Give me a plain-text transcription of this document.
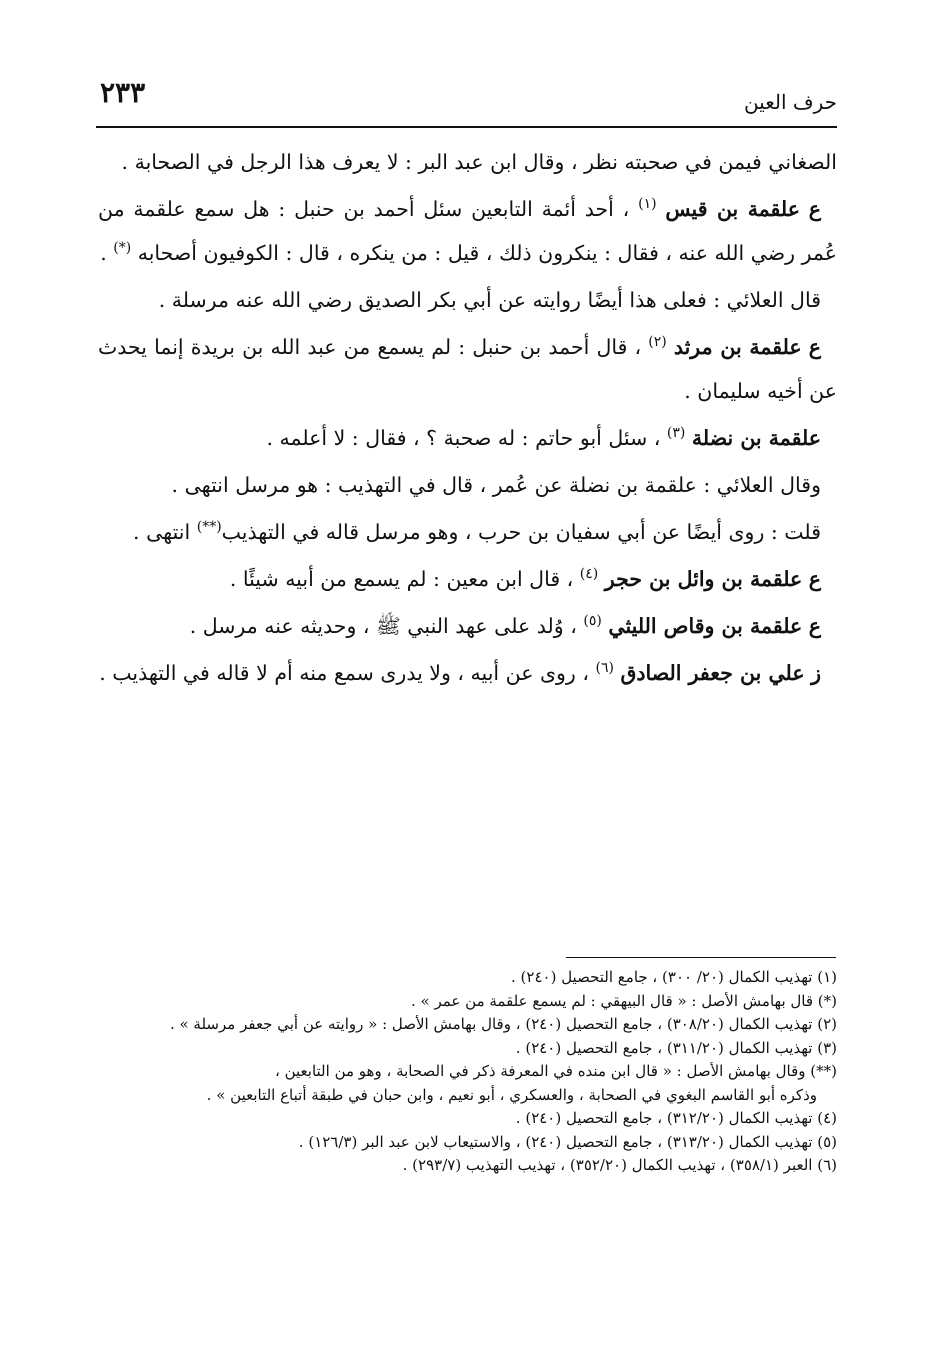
٢٣٣	حرف العين

الصغاني فيمن في صحبته نظر ، وقال ابن عبد البر : لا يعرف هذا الرجل في الصحابة .

ع علقمة بن قيس $^{(١)}$ ، أحد أئمة التابعين سئل أحمد بن حنبل : هل سمع علقمة من عُمر رضي الله عنه ، فقال : ينكرون ذلك ، قيل : من ينكره ، قال : الكوفيون أصحابه (*) .

قال العلائي : فعلى هذا أيضًا روايته عن أبي بكر الصديق رضي الله عنه مرسلة .

ع علقمة بن مرثد $^{(٢)}$ ، قال أحمد بن حنبل : لم يسمع من عبد الله بن بريدة إنما يحدث عن أخيه سليمان .

علقمة بن نضلة $^{(٣)}$ ، سئل أبو حاتم : له صحبة ؟ ، فقال : لا أعلمه .

وقال العلائي : علقمة بن نضلة عن عُمر ، قال في التهذيب : هو مرسل انتهى .

قلت : روى أيضًا عن أبي سفيان بن حرب ، وهو مرسل قاله في التهذيب(**) انتهى .

ع علقمة بن وائل بن حجر $^{(٤)}$ ، قال ابن معين : لم يسمع من أبيه شيئًا .

ع علقمة بن وقاص الليثي $^{(٥)}$ ، وُلد على عهد النبي ﷺ ، وحديثه عنه مرسل .

ز علي بن جعفر الصادق $^{(٦)}$ ، روى عن أبيه ، ولا يدرى سمع منه أم لا قاله في التهذيب .

(١) تهذيب الكمال (٢٠/ ٣٠٠) ، جامع التحصيل (٢٤٠) .

(*) قال بهامش الأصل : « قال البيهقي : لم يسمع علقمة من عمر » .

(٢) تهذيب الكمال (٣٠٨/٢٠) ، جامع التحصيل (٢٤٠) ، وقال بهامش الأصل : « روايته عن أبي جعفر مرسلة » .

(٣) تهذيب الكمال (٣١١/٢٠) ، جامع التحصيل (٢٤٠) .

(**) وقال بهامش الأصل : « قال ابن منده في المعرفة ذكر في الصحابة ، وهو من التابعين ،

وذكره أبو القاسم البغوي في الصحابة ، والعسكري ، أبو نعيم ، وابن حبان في طبقة أتباع التابعين » .

(٤) تهذيب الكمال (٣١٢/٢٠) ، جامع التحصيل (٢٤٠) .

(٥) تهذيب الكمال (٣١٣/٢٠) ، جامع التحصيل (٢٤٠) ، والاستيعاب لابن عبد البر (١٢٦/٣) .

(٦) العبر (٣٥٨/١) ، تهذيب الكمال (٣٥٢/٢٠) ، تهذيب التهذيب (٢٩٣/٧) .
